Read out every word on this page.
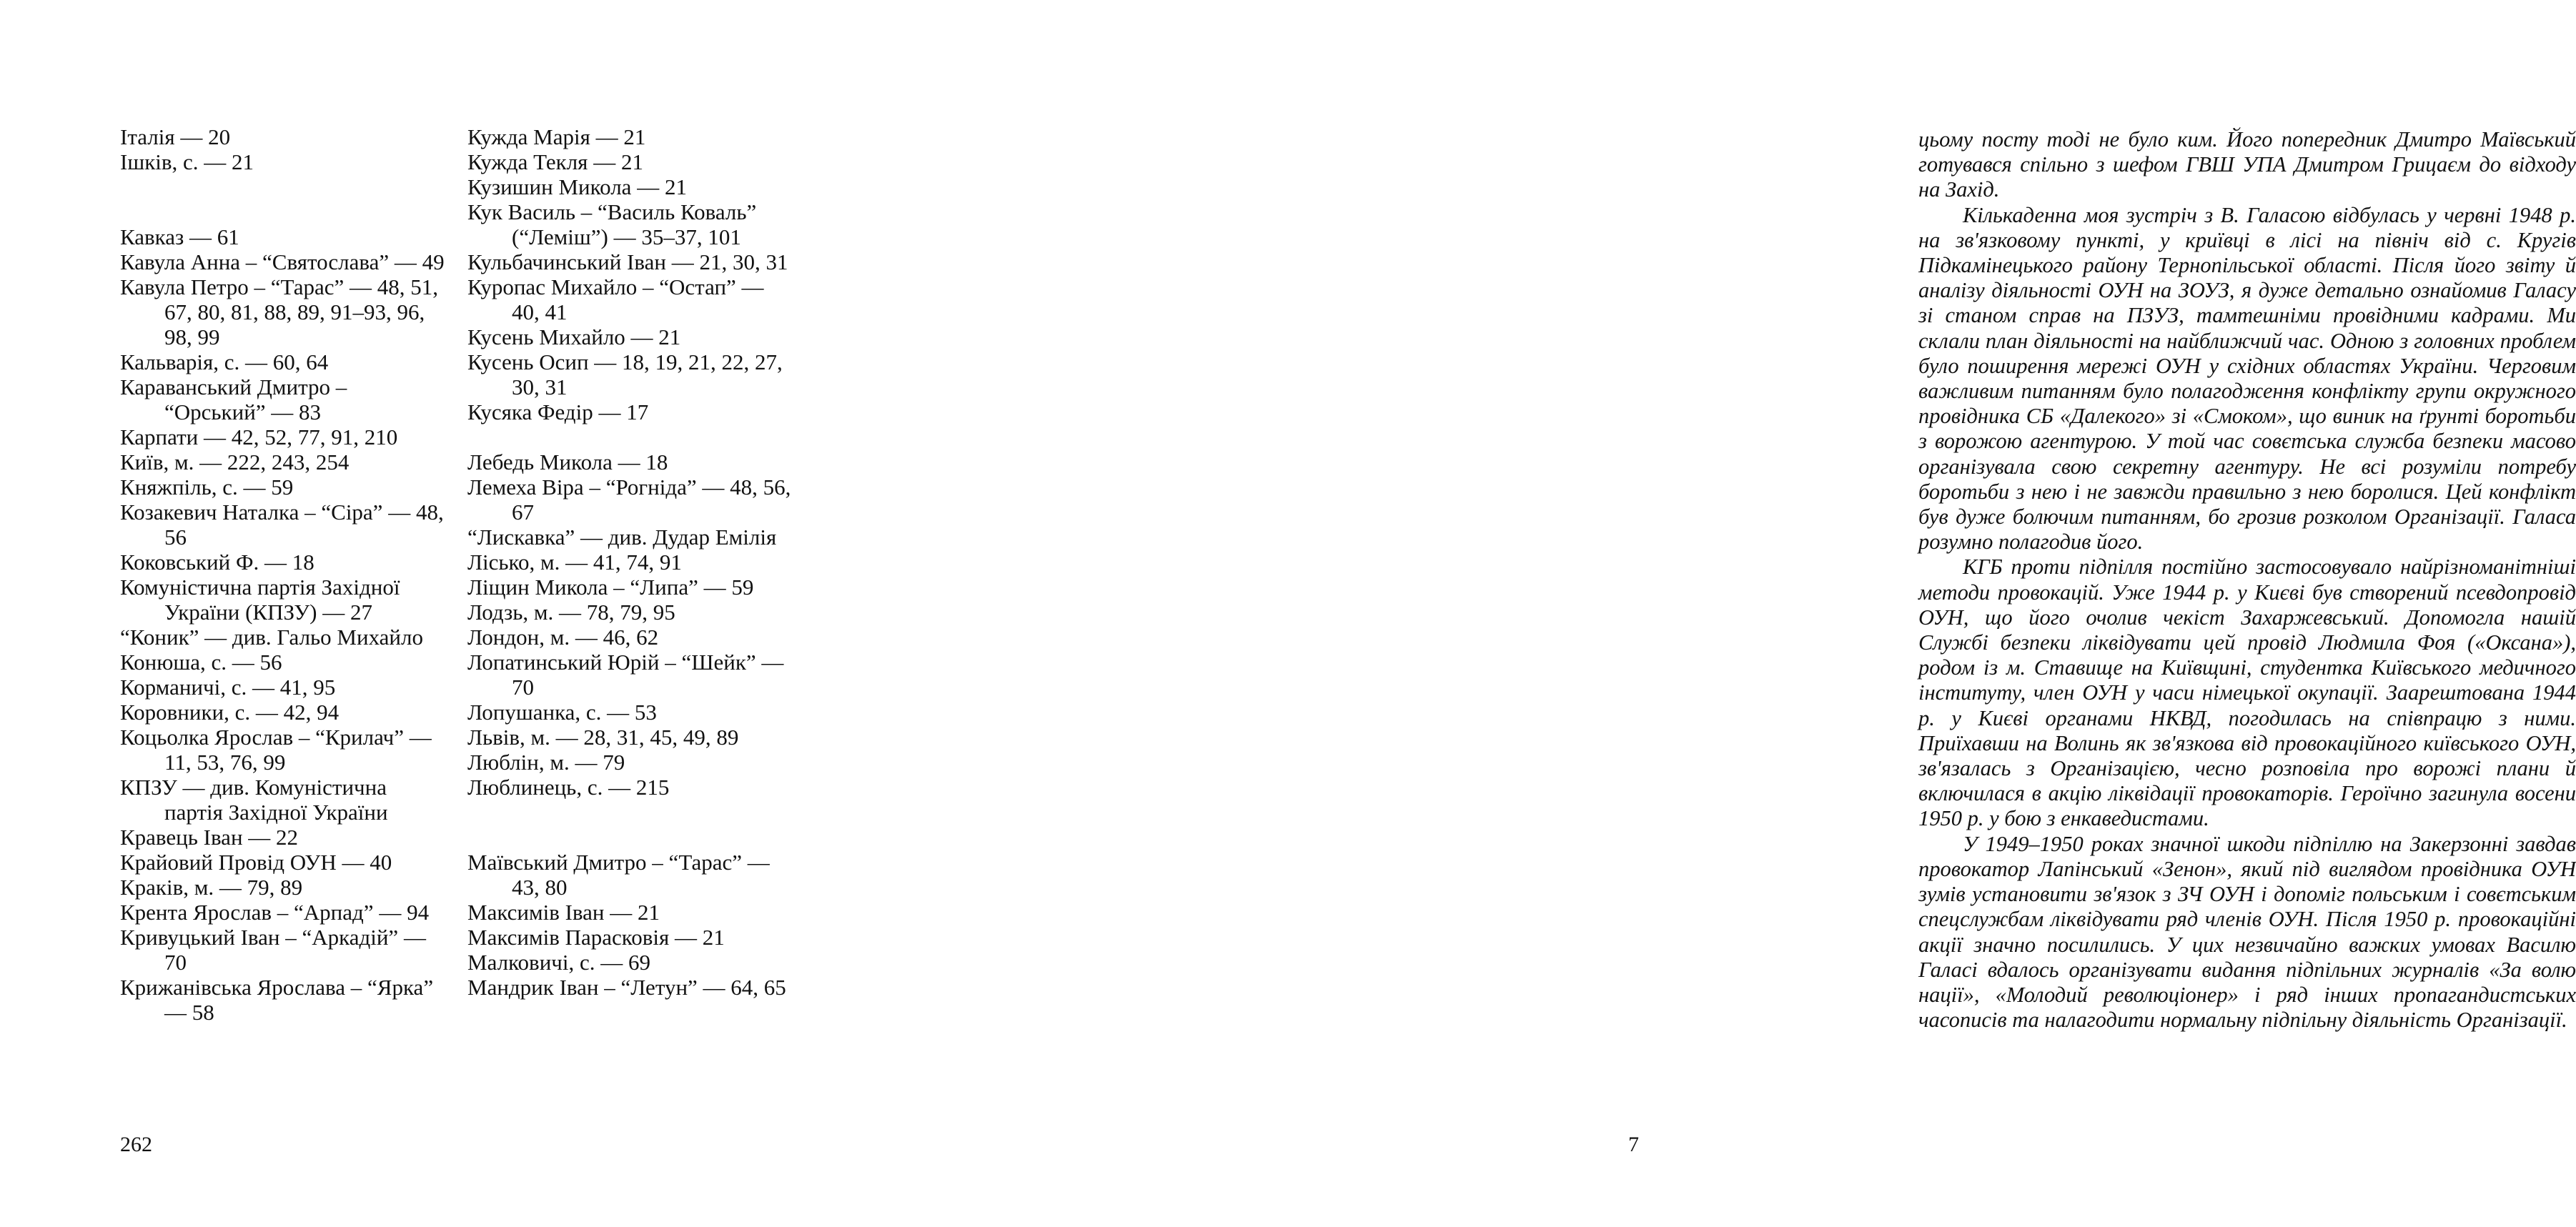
Італія — 20
Ішків, с. — 21
Кавказ — 61
Кавула Анна – “Святослава” — 49
Кавула Петро – “Тарас” — 48, 51, 67, 80, 81, 88, 89, 91–93, 96, 98, 99
Кальварія, с. — 60, 64
Караванський Дмитро – “Орський” — 83
Карпати — 42, 52, 77, 91, 210
Київ, м. — 222, 243, 254
Княжпіль, с. — 59
Козакевич Наталка – “Сіра” — 48, 56
Коковський Ф. — 18
Комуністична партія Західної України (КПЗУ) — 27
“Коник” — див. Гальо Михайло
Конюша, с. — 56
Корманичі, с. — 41, 95
Коровники, с. — 42, 94
Коцьолка Ярослав – “Крилач” — 11, 53, 76, 99
КПЗУ — див. Комуністична партія Західної України
Кравець Іван — 22
Крайовий Провід ОУН — 40
Краків, м. — 79, 89
Крента Ярослав – “Арпад” — 94
Кривуцький Іван – “Аркадій” — 70
Крижанівська Ярослава – “Ярка” — 58
Кужда Марія — 21
Кужда Текля — 21
Кузишин Микола — 21
Кук Василь – “Василь Коваль” (“Леміш”) — 35–37, 101
Кульбачинський Іван — 21, 30, 31
Куропас Михайло – “Остап” — 40, 41
Кусень Михайло — 21
Кусень Осип — 18, 19, 21, 22, 27, 30, 31
Кусяка Федір — 17
Лебедь Микола — 18
Лемеха Віра – “Рогніда” — 48, 56, 67
“Лискавка” — див. Дудар Емілія
Лісько, м. — 41, 74, 91
Ліщин Микола – “Липа” — 59
Лодзь, м. — 78, 79, 95
Лондон, м. — 46, 62
Лопатинський Юрій – “Шейк” — 70
Лопушанка, с. — 53
Львів, м. — 28, 31, 45, 49, 89
Люблін, м. — 79
Люблинець, с. — 215
Маївський Дмитро – “Тарас” — 43, 80
Максимів Іван — 21
Максимів Парасковія — 21
Малковичі, с. — 69
Мандрик Іван – “Летун” — 64, 65
262

цьому посту тоді не було ким. Його попередник Дмитро Маївський готувався спільно з шефом ГВШ УПА Дмитром Грицаєм до відходу на Захід.

Кількаденна моя зустріч з В. Галасою відбулась у червні 1948 р. на зв'язковому пункті, у криївці в лісі на північ від с. Кругів Підкамінецького району Тернопільської області. Після його звіту й аналізу діяльності ОУН на ЗОУЗ, я дуже детально ознайомив Галасу зі станом справ на ПЗУЗ, тамтешніми провідними кадрами. Ми склали план діяльності на найближчий час. Одною з головних проблем було поширення мережі ОУН у східних областях України. Черговим важливим питанням було полагодження конфлікту групи окружного провідника СБ «Далекого» зі «Смоком», що виник на ґрунті боротьби з ворожою агентурою. У той час совєтська служба безпеки масово організувала свою секретну агентуру. Не всі розуміли потребу боротьби з нею і не завжди правильно з нею боролися. Цей конфлікт був дуже болючим питанням, бо грозив розколом Організації. Галаса розумно полагодив його.

КГБ проти підпілля постійно застосовувало найрізноманітніші методи провокацій. Уже 1944 р. у Києві був створений псевдопровід ОУН, що його очолив чекіст Захаржевський. Допомогла нашій Службі безпеки ліквідувати цей провід Людмила Фоя («Оксана»), родом із м. Ставище на Київщині, студентка Київського медичного інституту, член ОУН у часи німецької окупації. Заарештована 1944 р. у Києві органами НКВД, погодилась на співпрацю з ними. Приїхавши на Волинь як зв'язкова від провокаційного київського ОУН, зв'язалась з Організацією, чесно розповіла про ворожі плани й включилася в акцію ліквідації провокаторів. Героїчно загинула восени 1950 р. у бою з енкаведистами.

У 1949–1950 роках значної шкоди підпіллю на Закерзонні завдав провокатор Лапінський «Зенон», який під виглядом провідника ОУН зумів установити зв'язок з ЗЧ ОУН і допоміг польським і совєтським спецслужбам ліквідувати ряд членів ОУН. Після 1950 р. провокаційні акції значно посилились. У цих незвичайно важких умовах Василю Галасі вдалось організувати видання підпільних журналів «За волю нації», «Молодий революціонер» і ряд інших пропагандистських часописів та налагодити нормальну підпільну діяльність Організації.

7
